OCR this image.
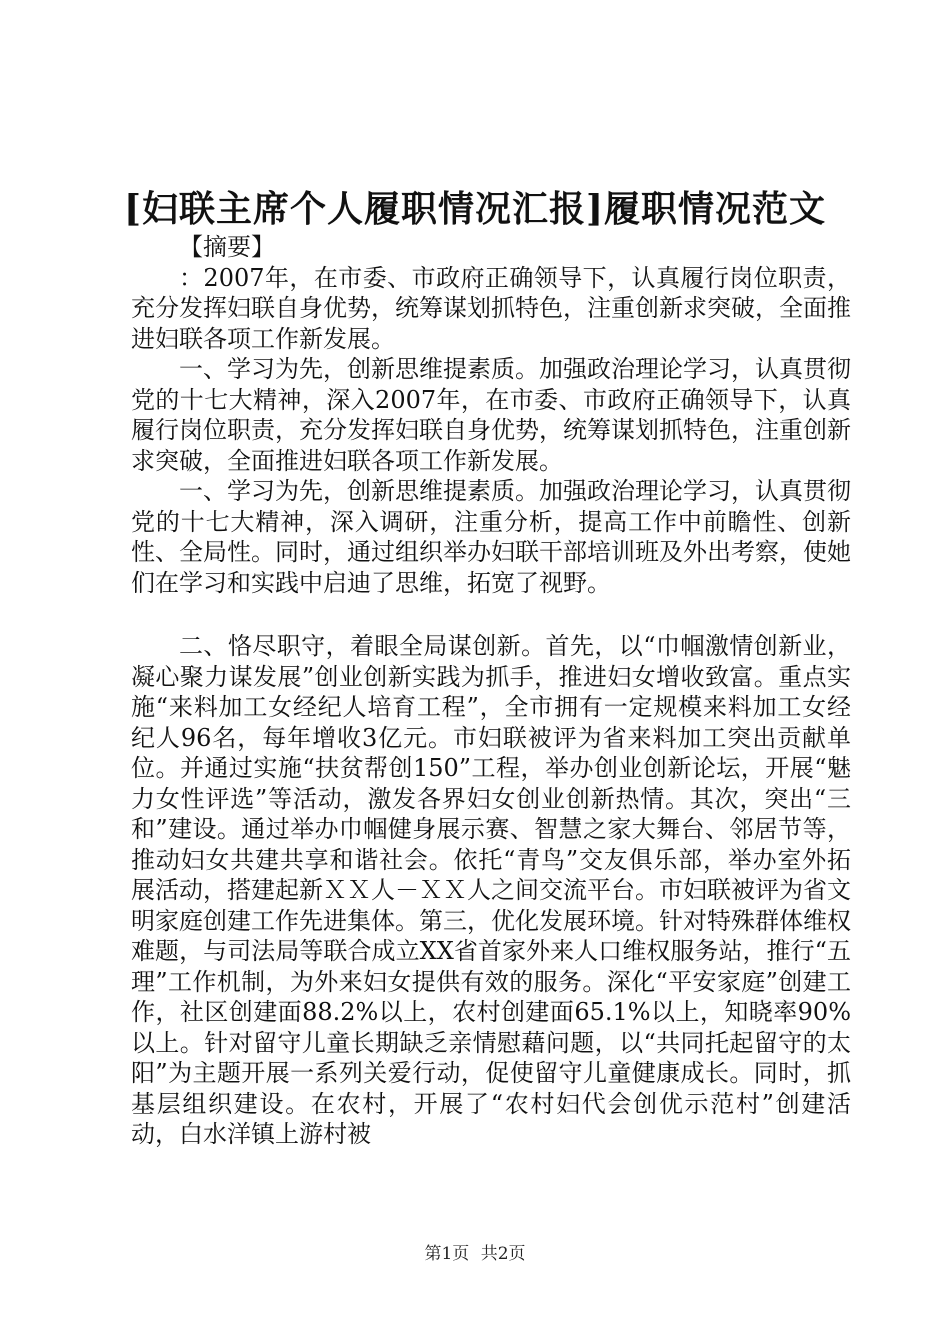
[妇联主席个人履职情况汇报]履职情况范文

【摘要】

：2007年，在市委、市政府正确领导下，认真履行岗位职责，充分发挥妇联自身优势，统筹谋划抓特色，注重创新求突破，全面推进妇联各项工作新发展。

一、学习为先，创新思维提素质。加强政治理论学习，认真贯彻党的十七大精神，深入2007年，在市委、市政府正确领导下，认真履行岗位职责，充分发挥妇联自身优势，统筹谋划抓特色，注重创新求突破，全面推进妇联各项工作新发展。

一、学习为先，创新思维提素质。加强政治理论学习，认真贯彻党的十七大精神，深入调研，注重分析，提高工作中前瞻性、创新性、全局性。同时，通过组织举办妇联干部培训班及外出考察，使她们在学习和实践中启迪了思维，拓宽了视野。

二、恪尽职守，着眼全局谋创新。首先，以“巾帼激情创新业，凝心聚力谋发展”创业创新实践为抓手，推进妇女增收致富。重点实施“来料加工女经纪人培育工程”，全市拥有一定规模来料加工女经纪人96名，每年增收3亿元。市妇联被评为省来料加工突出贡献单位。并通过实施“扶贫帮创150”工程，举办创业创新论坛，开展“魅力女性评选”等活动，激发各界妇女创业创新热情。其次，突出“三和”建设。通过举办巾帼健身展示赛、智慧之家大舞台、邻居节等，推动妇女共建共享和谐社会。依托“青鸟”交友俱乐部，举办室外拓展活动，搭建起新ＸＸ人－ＸＸ人之间交流平台。市妇联被评为省文明家庭创建工作先进集体。第三，优化发展环境。针对特殊群体维权难题，与司法局等联合成立XX省首家外来人口维权服务站，推行“五理”工作机制，为外来妇女提供有效的服务。深化“平安家庭”创建工作，社区创建面88.2%以上，农村创建面65.1%以上，知晓率90%以上。针对留守儿童长期缺乏亲情慰藉问题，以“共同托起留守的太阳”为主题开展一系列关爱行动，促使留守儿童健康成长。同时，抓基层组织建设。在农村，开展了“农村妇代会创优示范村”创建活动，白水洋镇上游村被

第1页 共2页
